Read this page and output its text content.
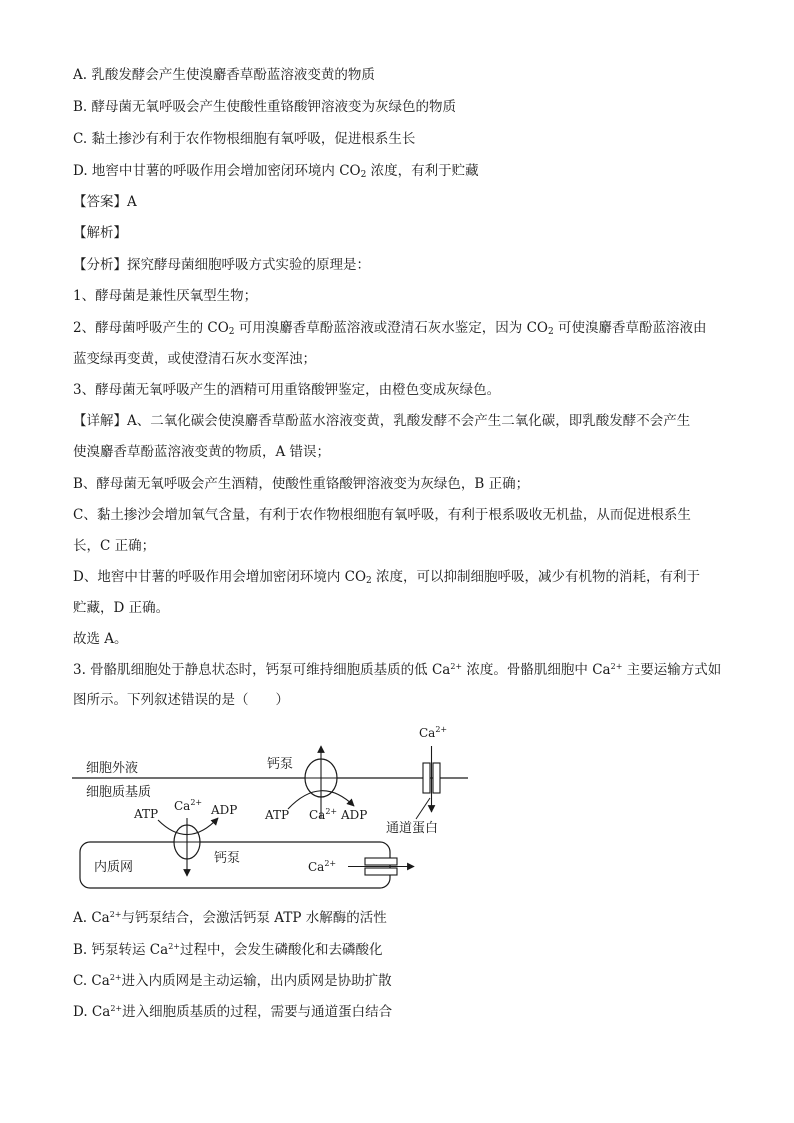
A. 乳酸发酵会产生使溴麝香草酚蓝溶液变黄的物质
B. 酵母菌无氧呼吸会产生使酸性重铬酸钾溶液变为灰绿色的物质
C. 黏土掺沙有利于农作物根细胞有氧呼吸，促进根系生长
D. 地窖中甘薯的呼吸作用会增加密闭环境内 $CO_2$ 浓度，有利于贮藏
【答案】A
【解析】
【分析】探究酵母菌细胞呼吸方式实验的原理是：
1、酵母菌是兼性厌氧型生物；
2、酵母菌呼吸产生的 $CO_2$ 可用溴麝香草酚蓝溶液或澄清石灰水鉴定，因为 $CO_2$ 可使溴麝香草酚蓝溶液由
蓝变绿再变黄，或使澄清石灰水变浑浊；
3、酵母菌无氧呼吸产生的酒精可用重铬酸钾鉴定，由橙色变成灰绿色。
【详解】A、二氧化碳会使溴麝香草酚蓝水溶液变黄，乳酸发酵不会产生二氧化碳，即乳酸发酵不会产生
使溴麝香草酚蓝溶液变黄的物质，A 错误；
B、酵母菌无氧呼吸会产生酒精，使酸性重铬酸钾溶液变为灰绿色，B 正确；
C、黏土掺沙会增加氧气含量，有利于农作物根细胞有氧呼吸，有利于根系吸收无机盐，从而促进根系生
长，C 正确；
D、地窖中甘薯的呼吸作用会增加密闭环境内 $CO_2$ 浓度，可以抑制细胞呼吸，减少有机物的消耗，有利于
贮藏，D 正确。
故选 A。
3. 骨骼肌细胞处于静息状态时，钙泵可维持细胞质基质的低 $Ca^{2+}$ 浓度。骨骼肌细胞中 $Ca^{2+}$ 主要运输方式如
图所示。下列叙述错误的是（　　）
细胞外液
细胞质基质
钙泵
ATP $Ca^{2+}$ ADP
$Ca^{2+}$
通道蛋白
内质网
ATP
$Ca^{2+}$
ADP
钙泵
$Ca^{2+}$
A. $Ca^{2+}$与钙泵结合，会激活钙泵 ATP 水解酶的活性
B. 钙泵转运 $Ca^{2+}$过程中，会发生磷酸化和去磷酸化
C. $Ca^{2+}$进入内质网是主动运输，出内质网是协助扩散
D. $Ca^{2+}$进入细胞质基质的过程，需要与通道蛋白结合
